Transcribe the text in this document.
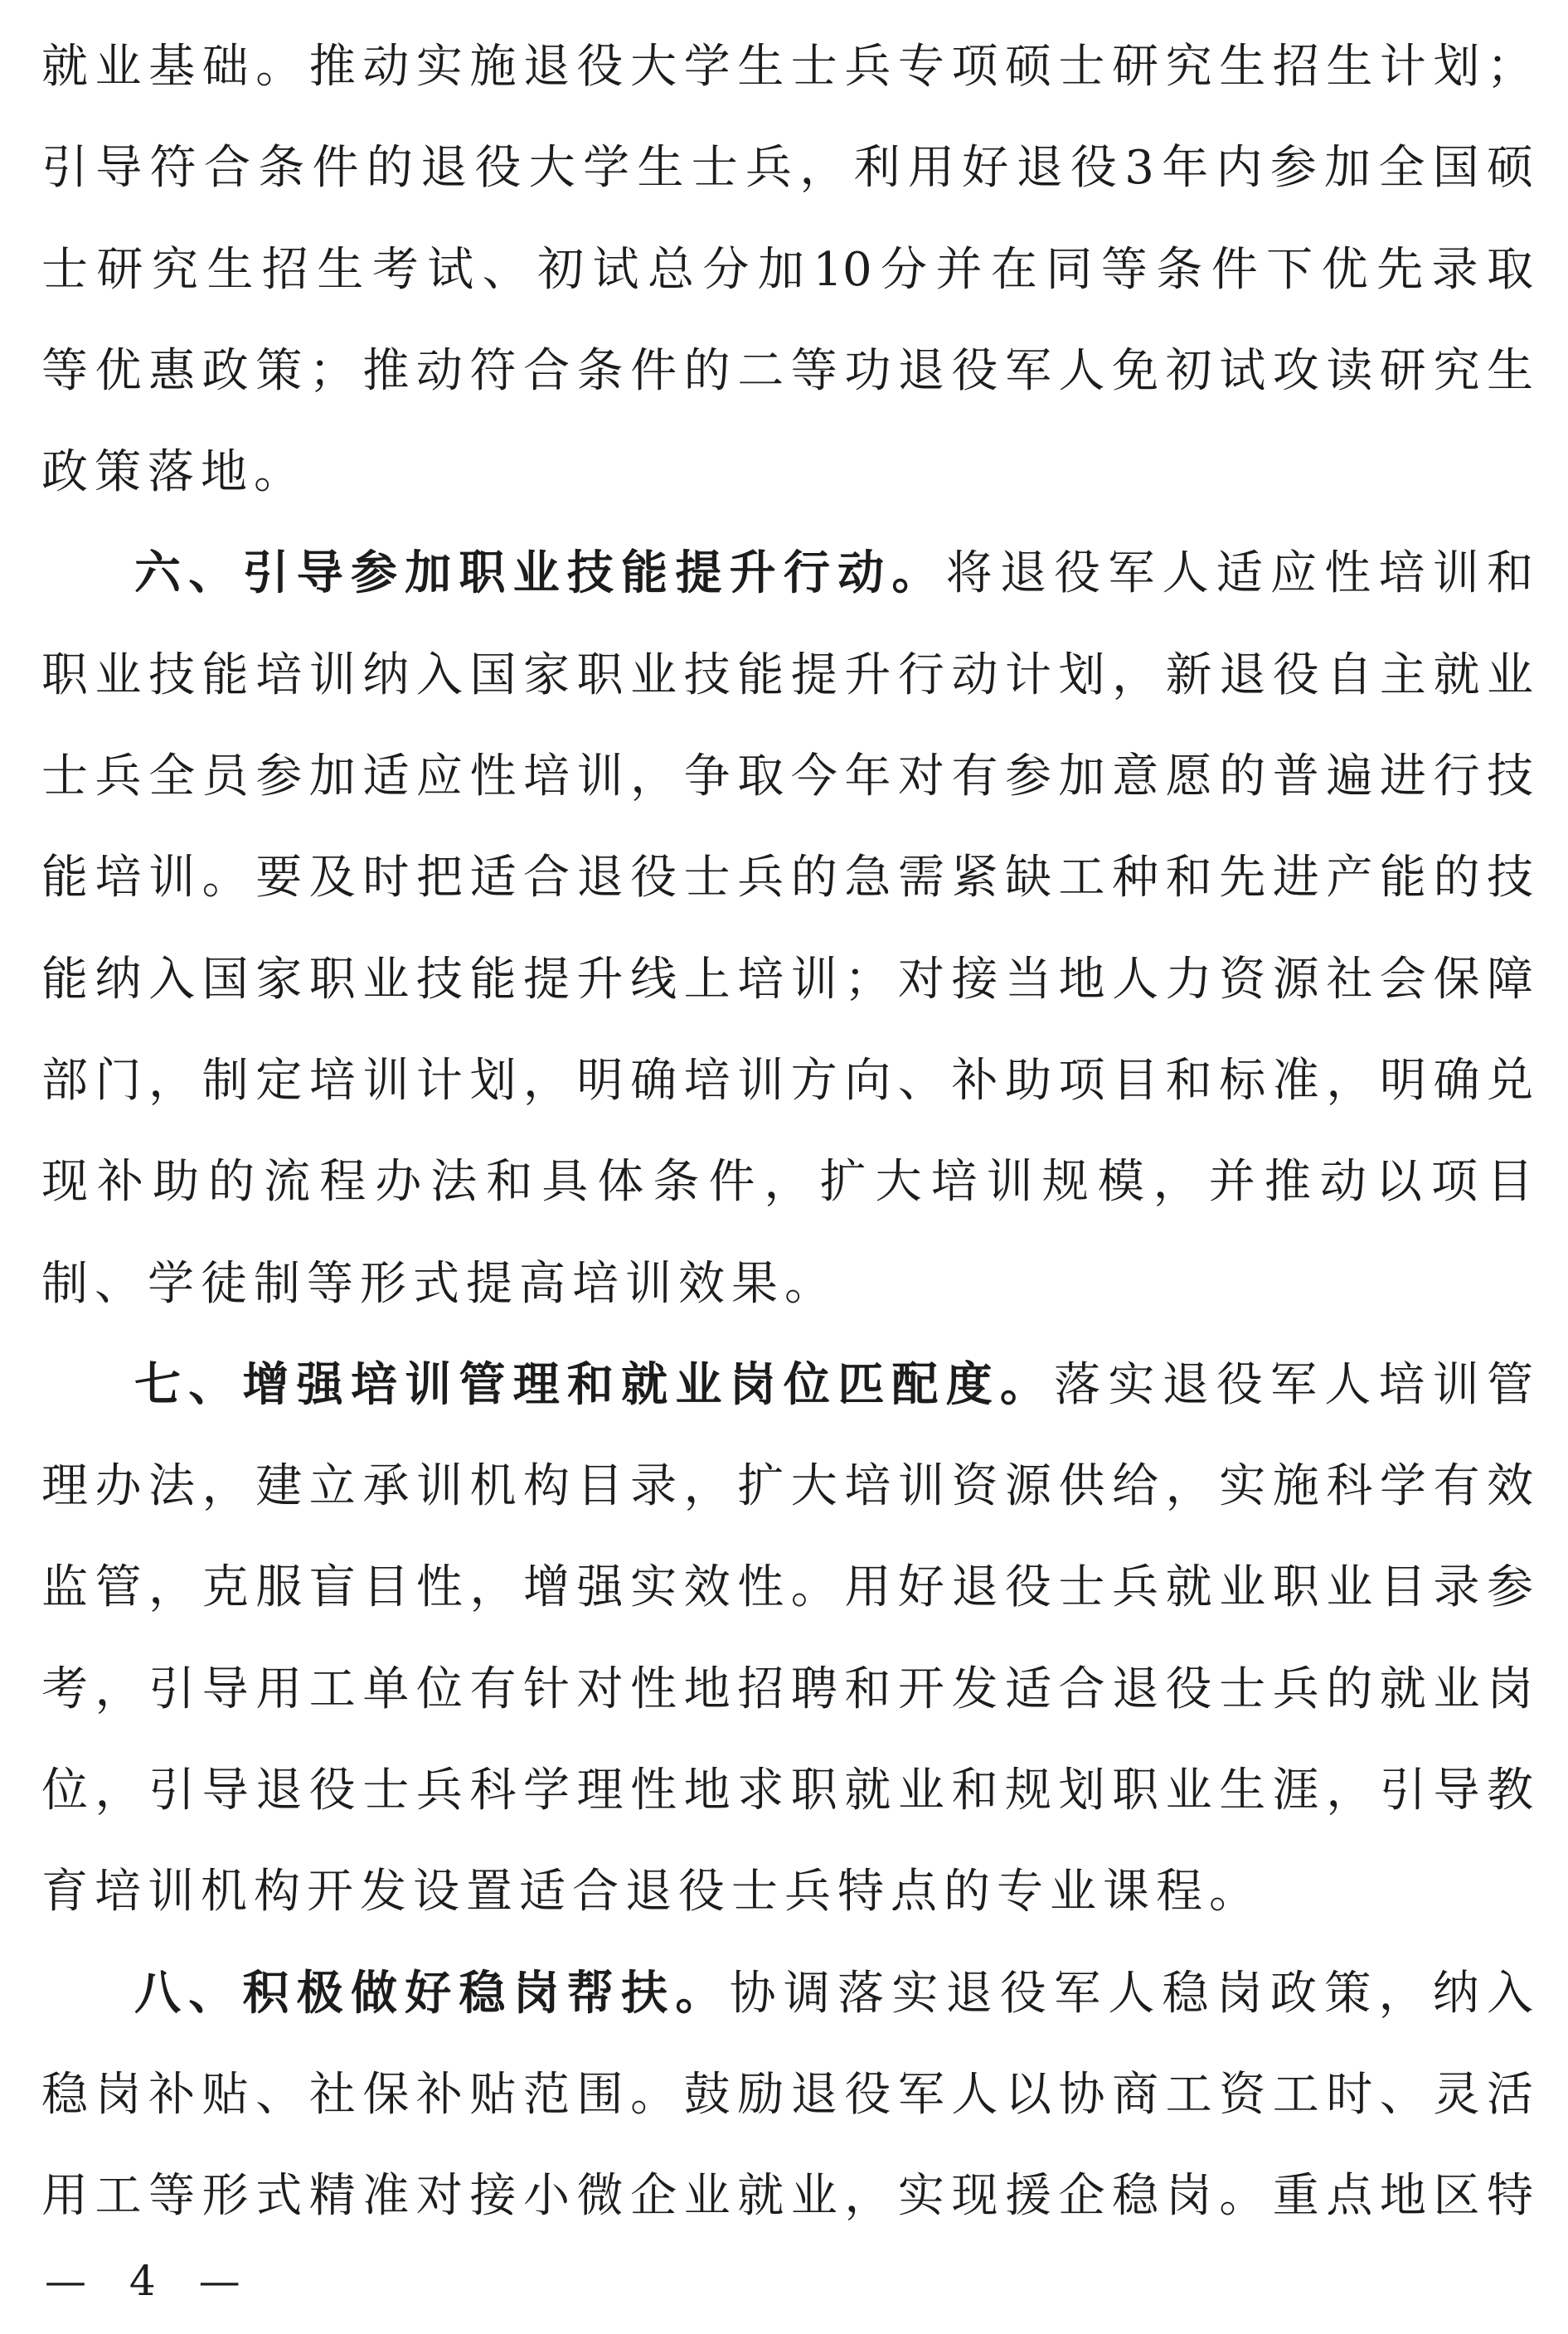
就业基础。推动实施退役大学生士兵专项硕士研究生招生计划；
引导符合条件的退役大学生士兵，利用好退役3年内参加全国硕
士研究生招生考试、初试总分加10分并在同等条件下优先录取
等优惠政策；推动符合条件的二等功退役军人免初试攻读研究生
政策落地。
六、引导参加职业技能提升行动。将退役军人适应性培训和
职业技能培训纳入国家职业技能提升行动计划，新退役自主就业
士兵全员参加适应性培训，争取今年对有参加意愿的普遍进行技
能培训。要及时把适合退役士兵的急需紧缺工种和先进产能的技
能纳入国家职业技能提升线上培训；对接当地人力资源社会保障
部门，制定培训计划，明确培训方向、补助项目和标准，明确兑
现补助的流程办法和具体条件，扩大培训规模，并推动以项目
制、学徒制等形式提高培训效果。
七、增强培训管理和就业岗位匹配度。落实退役军人培训管
理办法，建立承训机构目录，扩大培训资源供给，实施科学有效
监管，克服盲目性，增强实效性。用好退役士兵就业职业目录参
考，引导用工单位有针对性地招聘和开发适合退役士兵的就业岗
位，引导退役士兵科学理性地求职就业和规划职业生涯，引导教
育培训机构开发设置适合退役士兵特点的专业课程。
八、积极做好稳岗帮扶。协调落实退役军人稳岗政策，纳入
稳岗补贴、社保补贴范围。鼓励退役军人以协商工资工时、灵活
用工等形式精准对接小微企业就业，实现援企稳岗。重点地区特
— 4 —
